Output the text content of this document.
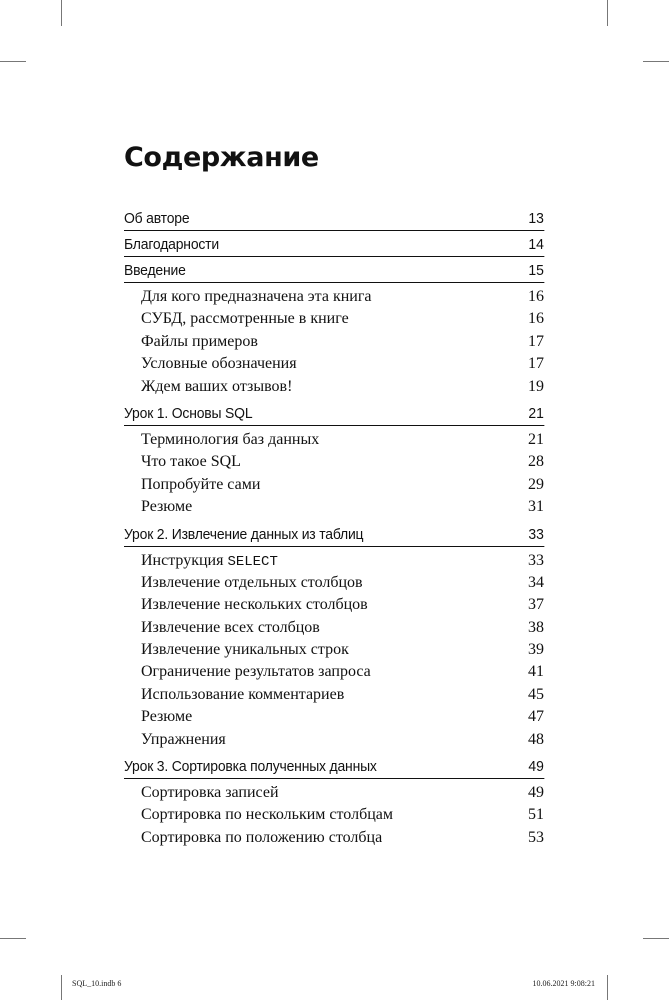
Содержание
Об авторе	13
Благодарности	14
Введение	15
Для кого предназначена эта книга	16
СУБД, рассмотренные в книге	16
Файлы примеров	17
Условные обозначения	17
Ждем ваших отзывов!	19
Урок 1. Основы SQL	21
Терминология баз данных	21
Что такое SQL	28
Попробуйте сами	29
Резюме	31
Урок 2. Извлечение данных из таблиц	33
Инструкция SELECT	33
Извлечение отдельных столбцов	34
Извлечение нескольких столбцов	37
Извлечение всех столбцов	38
Извлечение уникальных строк	39
Ограничение результатов запроса	41
Использование комментариев	45
Резюме	47
Упражнения	48
Урок 3. Сортировка полученных данных	49
Сортировка записей	49
Сортировка по нескольким столбцам	51
Сортировка по положению столбца	53
SQL_10.indb 6	10.06.2021 9:08:21
